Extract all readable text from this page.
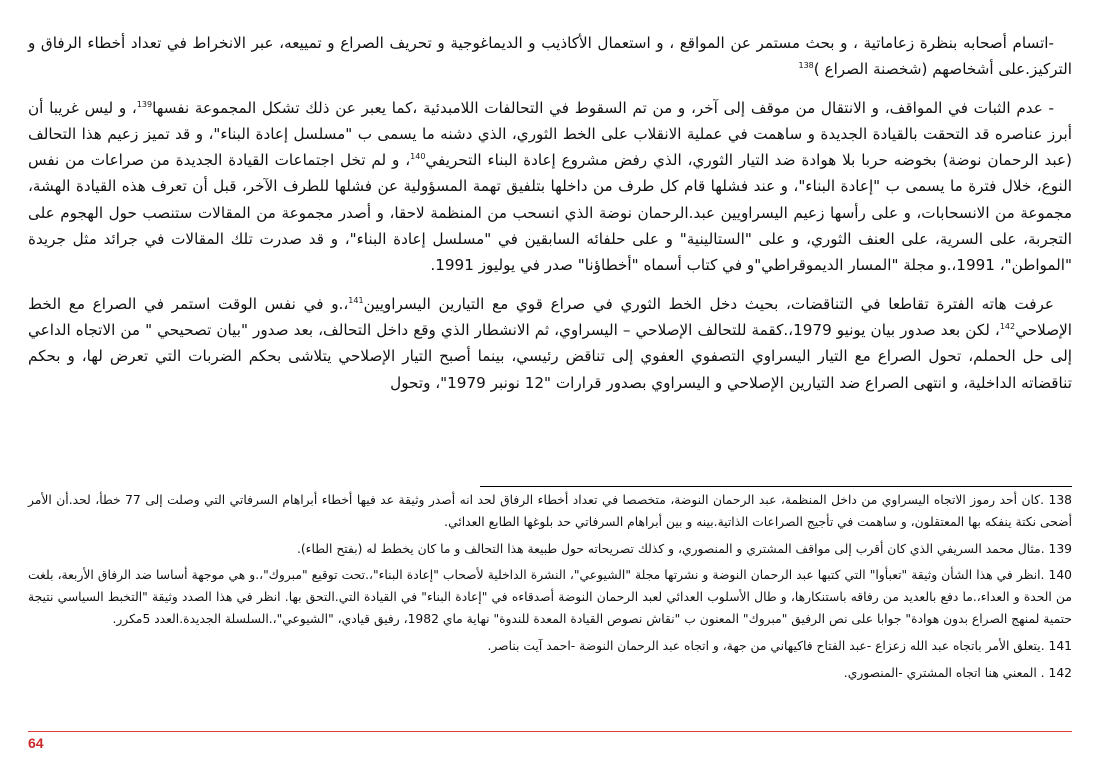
-اتسام أصحابه بنظرة زعاماتية ، و بحث مستمر عن المواقع ، و استعمال الأكاذيب و الديماغوجية و تحريف الصراع و تمييعه، عبر الانخراط في تعداد أخطاء الرفاق و التركيز.على أشخاصهم (شخصنة الصراع )$^{138}$

- عدم الثبات في المواقف، و الانتقال من موقف إلى آخر، و من تم السقوط في التحالفات اللامبدئية ،كما يعبر عن ذلك تشكل المجموعة نفسها$^{139}$، و ليس غريبا أن أبرز عناصره قد التحقت بالقيادة الجديدة و ساهمت في عملية الانقلاب على الخط الثوري، الذي دشنه ما يسمى ب "مسلسل إعادة البناء"، و قد تميز زعيم هذا التحالف (عبد الرحمان نوضة) بخوضه حربا بلا هوادة ضد التيار الثوري، الذي رفض مشروع إعادة البناء التحريفي$^{140}$، و لم تخل اجتماعات القيادة الجديدة من صراعات من نفس النوع، خلال فترة ما يسمى ب "إعادة البناء"، و عند فشلها قام كل طرف من داخلها بتلفيق تهمة المسؤولية عن فشلها للطرف الآخر، قبل أن تعرف هذه القيادة الهشة، مجموعة من الانسحابات، و على رأسها زعيم اليسراويين عبد.الرحمان نوضة الذي انسحب من المنظمة لاحقا، و أصدر مجموعة من المقالات ستنصب حول الهجوم على التجربة، على السرية، على العنف الثوري، و على "الستالينية" و على حلفائه السابقين في "مسلسل إعادة البناء"، و قد صدرت تلك المقالات في جرائد مثل جريدة "المواطن"، 1991،.و مجلة "المسار الديموقراطي"و في كتاب أسماه "أخطاؤنا" صدر في يوليوز 1991.

عرفت هاته الفترة تقاطعا في التناقضات، بحيث دخل الخط الثوري في صراع قوي مع التيارين اليسراويين$^{141}$،.و في نفس الوقت استمر في الصراع مع الخط الإصلاحي$^{142}$، لكن بعد صدور بيان يونيو 1979،.كقمة للتحالف الإصلاحي – اليسراوي، ثم الانشطار الذي وقع داخل التحالف، بعد صدور "بيان تصحيحي " من الاتجاه الداعي إلى حل الحملم، تحول الصراع مع التيار اليسراوي التصفوي العفوي إلى تناقض رئيسي، بينما أصبح التيار الإصلاحي يتلاشى بحكم الضربات التي تعرض لها، و بحكم تناقضاته الداخلية، و انتهى الصراع ضد التيارين الإصلاحي و اليسراوي بصدور قرارات "12 نونبر 1979"، وتحول

138 .كان أحد رموز الاتجاه اليسراوي من داخل المنظمة، عبد الرحمان النوضة، متخصصا في تعداد أخطاء الرفاق لحد انه أصدر وثيقة عد فيها أخطاء أبراهام السرفاتي التي وصلت إلى 77 خطأ، لحد.أن الأمر أضحى نكتة ينفكه بها المعتقلون، و ساهمت في تأجيج الصراعات الذاتية.بينه و بين أبراهام السرفاتي حد بلوغها الطابع العدائي.

139 .مثال محمد السريفي الذي كان أقرب إلى مواقف المشتري و المنصوري، و كذلك تصريحاته حول طبيعة هذا التحالف و ما كان يخطط له (بفتح الطاء).

140 .انظر في هذا الشأن وثيقة "تعبأوا" التي كتبها عبد الرحمان النوضة و نشرتها مجلة "الشيوعي"، النشرة الداخلية لأصحاب "إعادة البناء"،.تحت توقيع "مبروك"،.و هي موجهة أساسا ضد الرفاق الأربعة، بلغت من الحدة و العداء،.ما دفع بالعديد من رفاقه باستنكارها، و طال الأسلوب العدائي لعبد الرحمان النوضة أصدقاءه في "إعادة البناء" في القيادة التي.التحق بها. انظر في هذا الصدد وثيقة "التخبط السياسي نتيجة حتمية لمنهج الصراع بدون هوادة" جوابا على نص الرفيق "مبروك" المعنون ب "نقاش نصوص القيادة المعدة للندوة" نهاية ماي 1982، رفيق قيادي، "الشيوعي"،.السلسلة الجديدة.العدد 5مكرر.

141 .يتعلق الأمر باتجاه عبد الله زعزاع -عبد الفتاح فاكيهاني من جهة، و اتجاه عبد الرحمان النوضة -احمد آيت بناصر.

142 . المعني هنا اتجاه المشتري -المنصوري.

64
